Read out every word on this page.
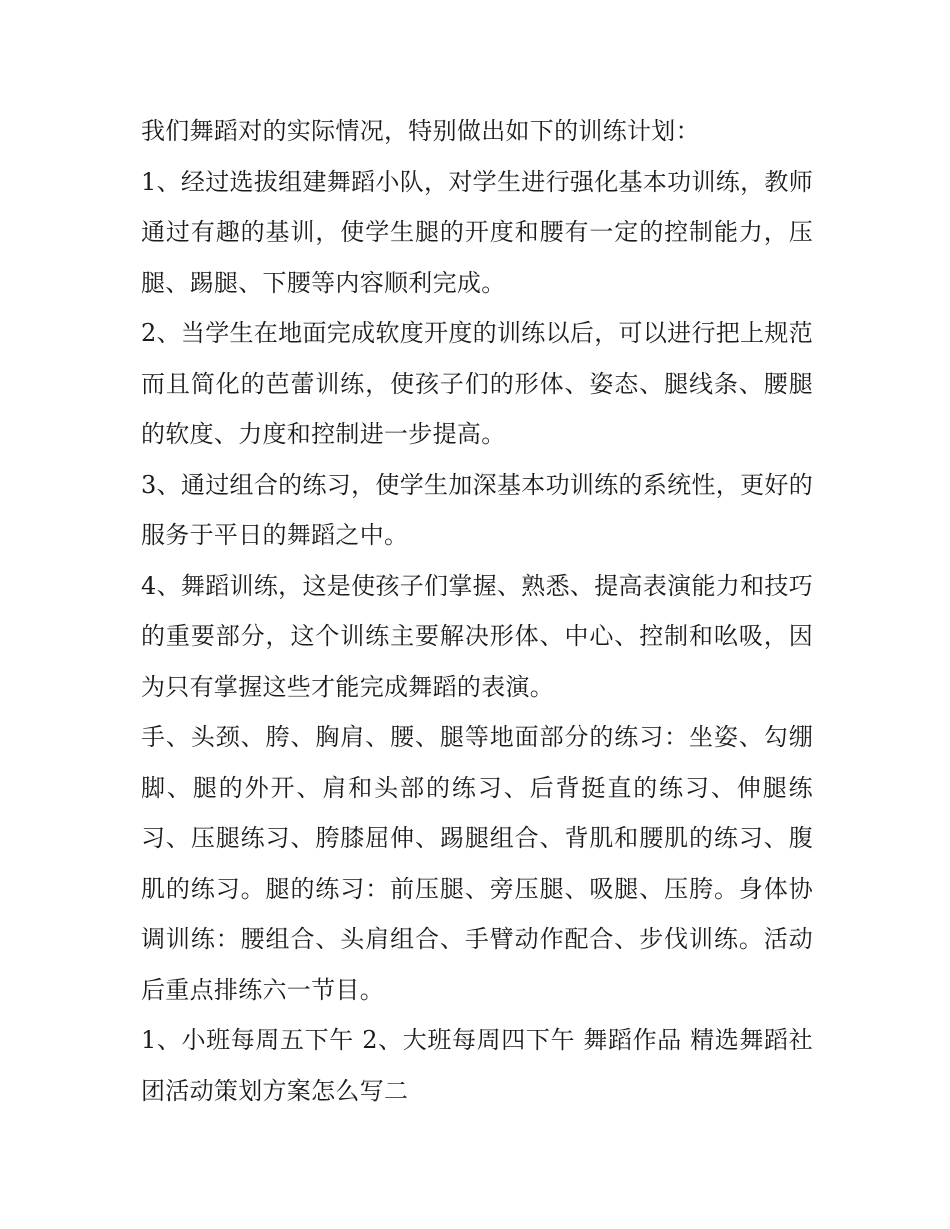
我们舞蹈对的实际情况，特别做出如下的训练计划：

1、经过选拔组建舞蹈小队，对学生进行强化基本功训练，教师通过有趣的基训，使学生腿的开度和腰有一定的控制能力，压腿、踢腿、下腰等内容顺利完成。

2、当学生在地面完成软度开度的训练以后，可以进行把上规范而且简化的芭蕾训练，使孩子们的形体、姿态、腿线条、腰腿的软度、力度和控制进一步提高。

3、通过组合的练习，使学生加深基本功训练的系统性，更好的服务于平日的舞蹈之中。

4、舞蹈训练，这是使孩子们掌握、熟悉、提高表演能力和技巧的重要部分，这个训练主要解决形体、中心、控制和吆吸，因为只有掌握这些才能完成舞蹈的表演。

手、头颈、胯、胸肩、腰、腿等地面部分的练习：坐姿、勾绷脚、腿的外开、肩和头部的练习、后背挺直的练习、伸腿练习、压腿练习、胯膝屈伸、踢腿组合、背肌和腰肌的练习、腹肌的练习。腿的练习：前压腿、旁压腿、吸腿、压胯。身体协调训练：腰组合、头肩组合、手臂动作配合、步伐训练。活动后重点排练六一节目。

1、小班每周五下午 2、大班每周四下午 舞蹈作品 精选舞蹈社团活动策划方案怎么写二
